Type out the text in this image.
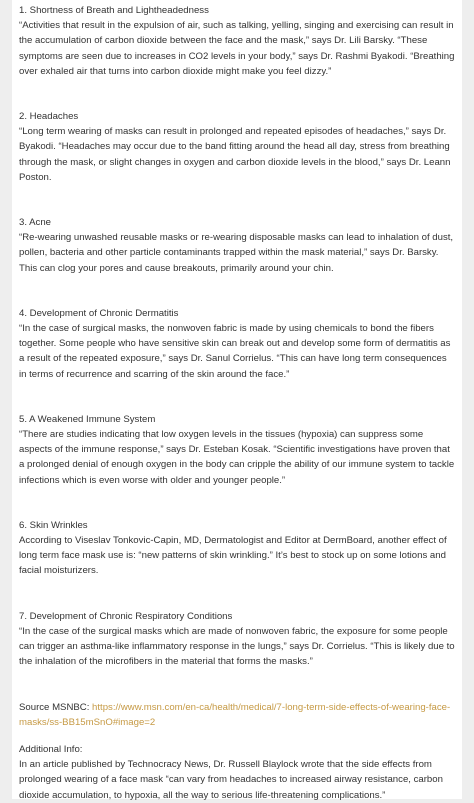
1. Shortness of Breath and Lightheadedness
“Activities that result in the expulsion of air, such as talking, yelling, singing and exercising can result in the accumulation of carbon dioxide between the face and the mask,” says Dr. Lili Barsky. “These symptoms are seen due to increases in CO2 levels in your body,” says Dr. Rashmi Byakodi. “Breathing over exhaled air that turns into carbon dioxide might make you feel dizzy.”

2. Headaches
“Long term wearing of masks can result in prolonged and repeated episodes of headaches,” says Dr. Byakodi. “Headaches may occur due to the band fitting around the head all day, stress from breathing through the mask, or slight changes in oxygen and carbon dioxide levels in the blood,” says Dr. Leann Poston.

3. Acne
“Re-wearing unwashed reusable masks or re-wearing disposable masks can lead to inhalation of dust, pollen, bacteria and other particle contaminants trapped within the mask material,” says Dr. Barsky. This can clog your pores and cause breakouts, primarily around your chin.

4. Development of Chronic Dermatitis
“In the case of surgical masks, the nonwoven fabric is made by using chemicals to bond the fibers together. Some people who have sensitive skin can break out and develop some form of dermatitis as a result of the repeated exposure,” says Dr. Sanul Corrielus. “This can have long term consequences in terms of recurrence and scarring of the skin around the face.”

5. A Weakened Immune System
“There are studies indicating that low oxygen levels in the tissues (hypoxia) can suppress some aspects of the immune response,” says Dr. Esteban Kosak. “Scientific investigations have proven that a prolonged denial of enough oxygen in the body can cripple the ability of our immune system to tackle infections which is even worse with older and younger people.”

6. Skin Wrinkles
According to Viseslav Tonkovic-Capin, MD, Dermatologist and Editor at DermBoard, another effect of long term face mask use is: “new patterns of skin wrinkling.” It’s best to stock up on some lotions and facial moisturizers.

7. Development of Chronic Respiratory Conditions
“In the case of the surgical masks which are made of nonwoven fabric, the exposure for some people can trigger an asthma-like inflammatory response in the lungs,” says Dr. Corrielus. “This is likely due to the inhalation of the microfibers in the material that forms the masks.”

Source MSNBC: https://www.msn.com/en-ca/health/medical/7-long-term-side-effects-of-wearing-face-masks/ss-BB15mSnO#image=2

Additional Info:
In an article published by Technocracy News, Dr. Russell Blaylock wrote that the side effects from prolonged wearing of a face mask “can vary from headaches to increased airway resistance, carbon dioxide accumulation, to hypoxia, all the way to serious life-threatening complications.”
